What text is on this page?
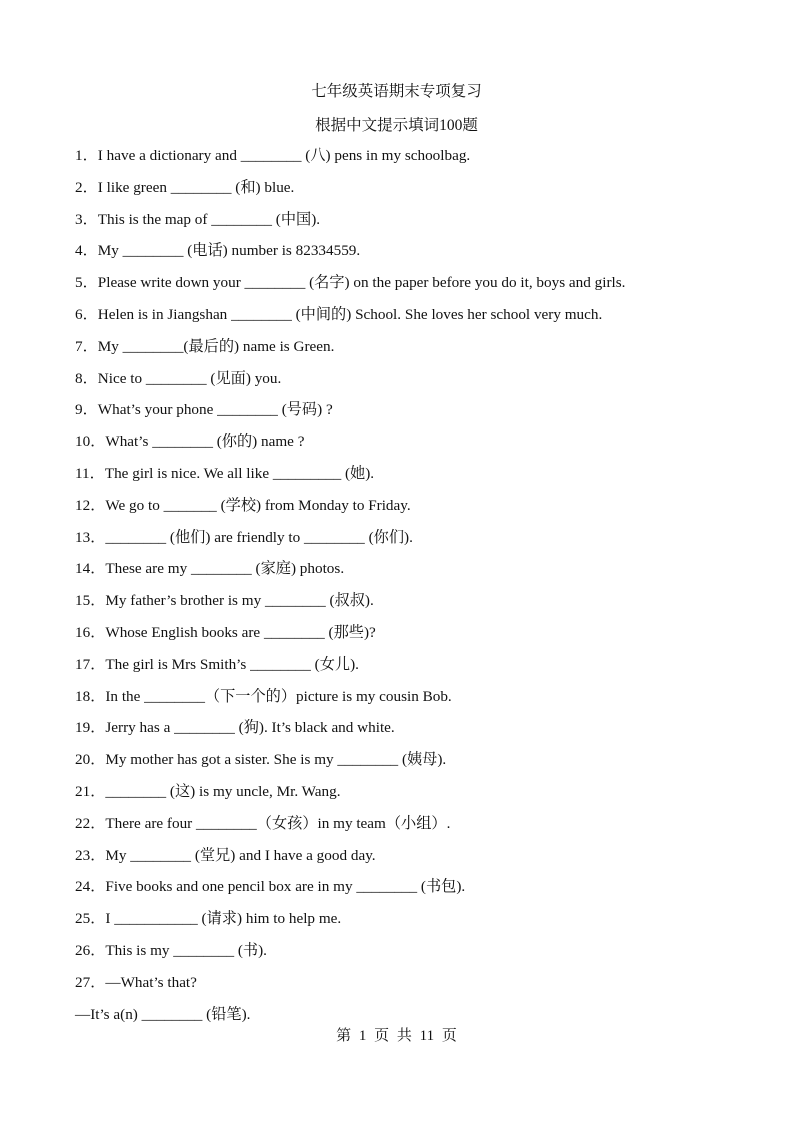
七年级英语期末专项复习
根据中文提示填词100题
1．I have a dictionary and ________ (八) pens in my schoolbag.
2．I like green ________ (和) blue.
3．This is the map of ________ (中国).
4．My ________ (电话) number is 82334559.
5．Please write down your ________ (名字) on the paper before you do it, boys and girls.
6．Helen is in Jiangshan ________ (中间的) School. She loves her school very much.
7．My ________(最后的) name is Green.
8．Nice to ________ (见面) you.
9．What’s your phone ________ (号码) ?
10．What’s ________ (你的) name ?
11．The girl is nice. We all like _________ (她).
12．We go to _______ (学校) from Monday to Friday.
13．________ (他们) are friendly to ________ (你们).
14．These are my ________ (家庭) photos.
15．My father’s brother is my ________ (叔叔).
16．Whose English books are ________ (那些)?
17．The girl is Mrs Smith’s ________ (女儿).
18．In the ________（下一个的）picture is my cousin Bob.
19．Jerry has a ________ (狗). It’s black and white.
20．My mother has got a sister. She is my ________ (姨母).
21．________ (这) is my uncle, Mr. Wang.
22．There are four ________（女孩）in my team（小组）.
23．My ________ (堂兄) and I have a good day.
24．Five books and one pencil box are in my ________ (书包).
25．I ___________ (请求) him to help me.
26．This is my ________ (书).
27．—What’s that?
—It’s a(n) ________ (铅笔).
第 1 页 共 11 页
